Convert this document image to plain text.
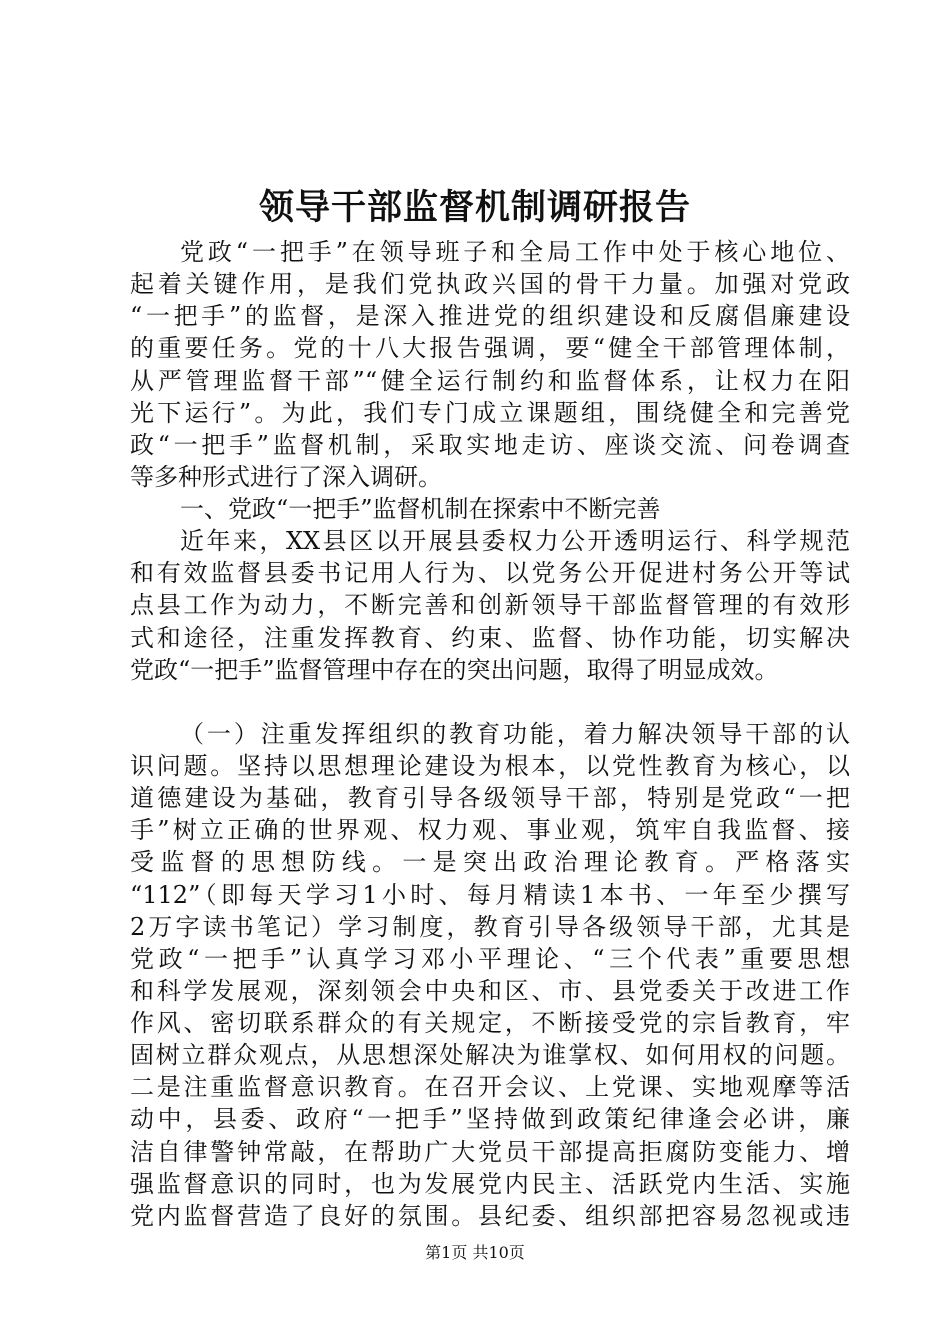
领导干部监督机制调研报告
党政“一把手”在领导班子和全局工作中处于核心地位、
起着关键作用，是我们党执政兴国的骨干力量。加强对党政
“一把手”的监督，是深入推进党的组织建设和反腐倡廉建设
的重要任务。党的十八大报告强调，要“健全干部管理体制，
从严管理监督干部”“健全运行制约和监督体系，让权力在阳
光下运行”。为此，我们专门成立课题组，围绕健全和完善党
政“一把手”监督机制，采取实地走访、座谈交流、问卷调查
等多种形式进行了深入调研。
一、党政“一把手”监督机制在探索中不断完善
近年来，XX县区以开展县委权力公开透明运行、科学规范
和有效监督县委书记用人行为、以党务公开促进村务公开等试
点县工作为动力，不断完善和创新领导干部监督管理的有效形
式和途径，注重发挥教育、约束、监督、协作功能，切实解决
党政“一把手”监督管理中存在的突出问题，取得了明显成效。
（一）注重发挥组织的教育功能，着力解决领导干部的认
识问题。坚持以思想理论建设为根本，以党性教育为核心，以
道德建设为基础，教育引导各级领导干部，特别是党政“一把
手”树立正确的世界观、权力观、事业观，筑牢自我监督、接
受监督的思想防线。一是突出政治理论教育。严格落实
“112”（即每天学习1小时、每月精读1本书、一年至少撰写
2万字读书笔记）学习制度，教育引导各级领导干部，尤其是
党政“一把手”认真学习邓小平理论、“三个代表”重要思想
和科学发展观，深刻领会中央和区、市、县党委关于改进工作
作风、密切联系群众的有关规定，不断接受党的宗旨教育，牢
固树立群众观点，从思想深处解决为谁掌权、如何用权的问题。
二是注重监督意识教育。在召开会议、上党课、实地观摩等活
动中，县委、政府“一把手”坚持做到政策纪律逢会必讲，廉
第1页 共10页
洁自律警钟常敲，在帮助广大党员干部提高拒腐防变能力、增
强监督意识的同时，也为发展党内民主、活跃党内生活、实施
党内监督营造了良好的氛围。县纪委、组织部把容易忽视或违
